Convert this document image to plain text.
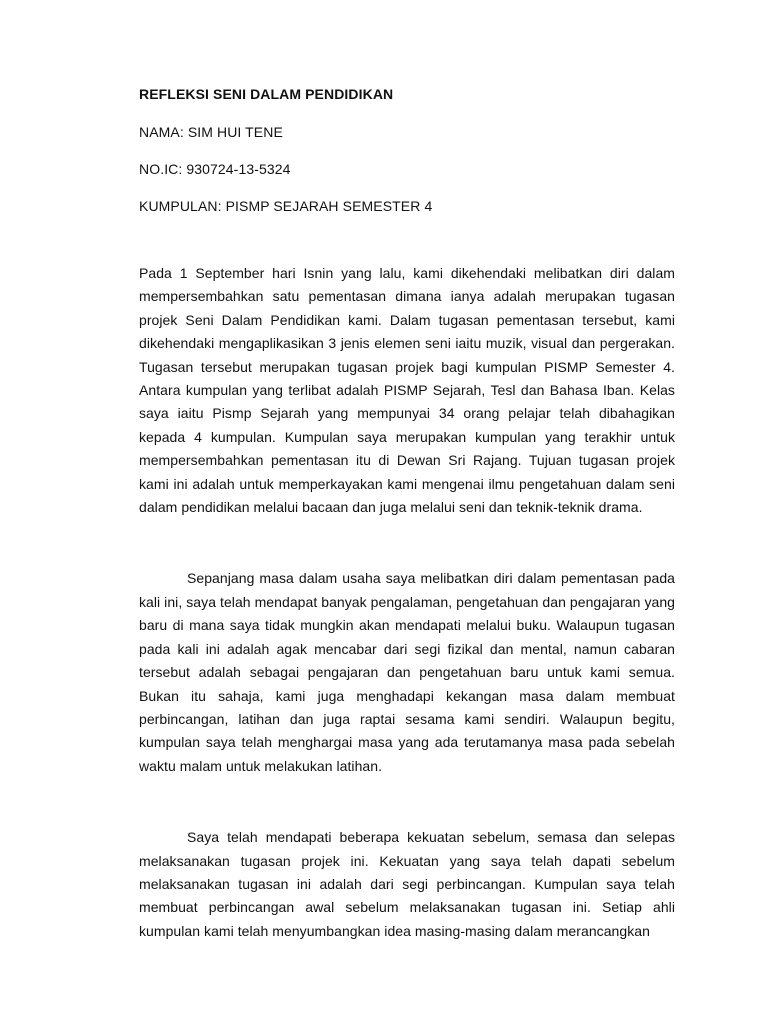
REFLEKSI SENI DALAM PENDIDIKAN

NAMA: SIM HUI TENE

NO.IC: 930724-13-5324

KUMPULAN: PISMP SEJARAH SEMESTER 4

Pada 1 September hari Isnin yang lalu, kami dikehendaki melibatkan diri dalam mempersembahkan satu pementasan dimana ianya adalah merupakan tugasan projek Seni Dalam Pendidikan kami. Dalam tugasan pementasan tersebut, kami dikehendaki mengaplikasikan 3 jenis elemen seni iaitu muzik, visual dan pergerakan. Tugasan tersebut merupakan tugasan projek bagi kumpulan PISMP Semester 4. Antara kumpulan yang terlibat adalah PISMP Sejarah, Tesl dan Bahasa Iban. Kelas saya iaitu Pismp Sejarah yang mempunyai 34 orang pelajar telah dibahagikan kepada 4 kumpulan. Kumpulan saya merupakan kumpulan yang terakhir untuk mempersembahkan pementasan itu di Dewan Sri Rajang. Tujuan tugasan projek kami ini adalah untuk memperkayakan kami mengenai ilmu pengetahuan dalam seni dalam pendidikan melalui bacaan dan juga melalui seni dan teknik-teknik drama.

Sepanjang masa dalam usaha saya melibatkan diri dalam pementasan pada kali ini, saya telah mendapat banyak pengalaman, pengetahuan dan pengajaran yang baru di mana saya tidak mungkin akan mendapati melalui buku. Walaupun tugasan pada kali ini adalah agak mencabar dari segi fizikal dan mental, namun cabaran tersebut adalah sebagai pengajaran dan pengetahuan baru untuk kami semua. Bukan itu sahaja, kami juga menghadapi kekangan masa dalam membuat perbincangan, latihan dan juga raptai sesama kami sendiri. Walaupun begitu, kumpulan saya telah menghargai masa yang ada terutamanya masa pada sebelah waktu malam untuk melakukan latihan.

Saya telah mendapati beberapa kekuatan sebelum, semasa dan selepas melaksanakan tugasan projek ini. Kekuatan yang saya telah dapati sebelum melaksanakan tugasan ini adalah dari segi perbincangan. Kumpulan saya telah membuat perbincangan awal sebelum melaksanakan tugasan ini. Setiap ahli kumpulan kami telah menyumbangkan idea masing-masing dalam merancangkan
